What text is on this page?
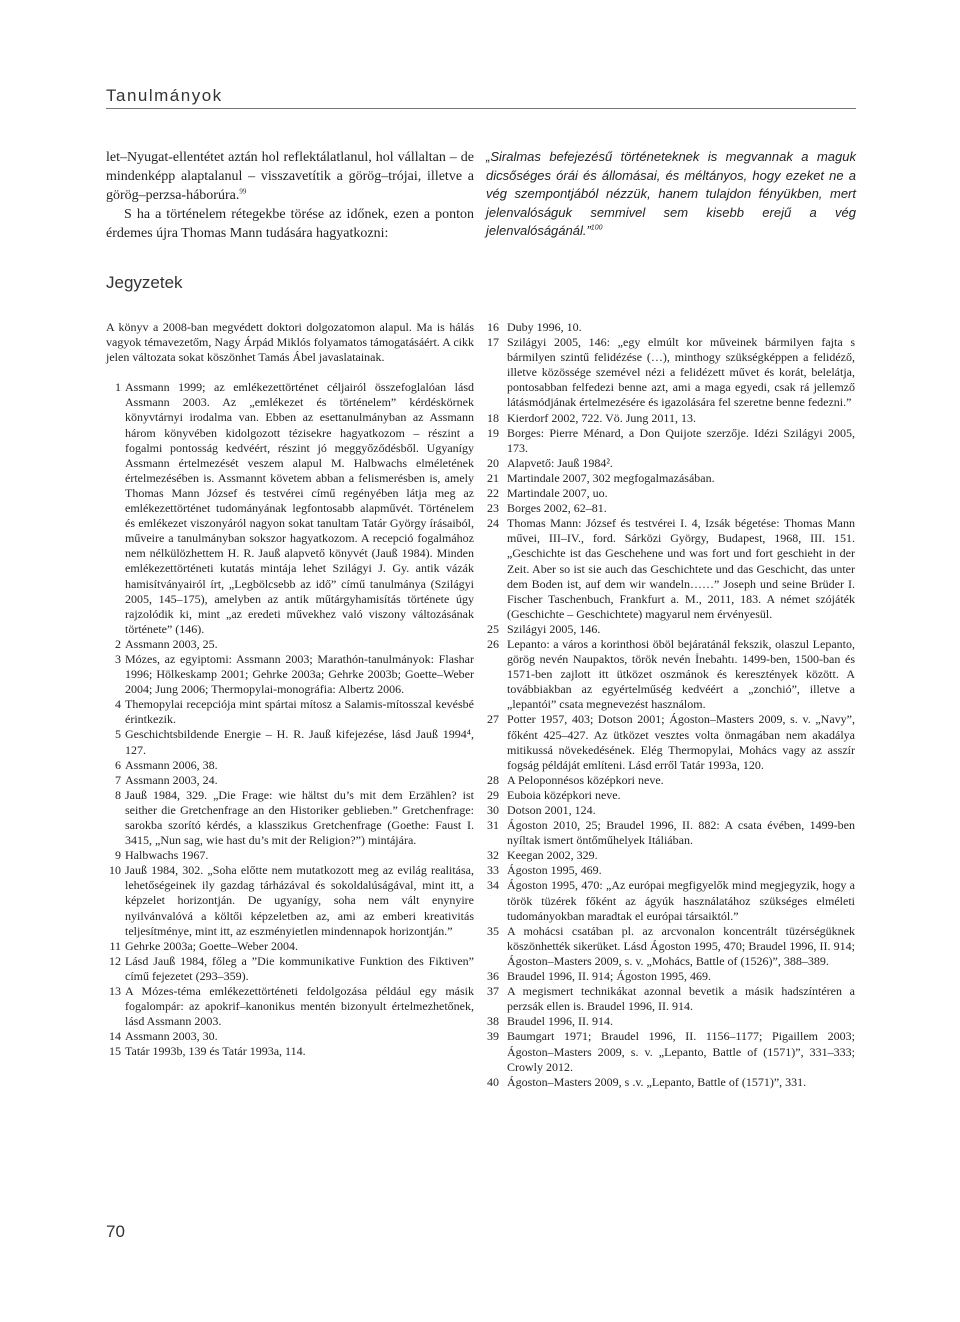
Tanulmányok

let–Nyugat-ellentétet aztán hol reflektálatlanul, hol vállaltan – de mindenképp alaptalanul – visszavetítik a görög–trójai, illetve a görög–perzsa-háborúra.$^{99}$

S ha a történelem rétegekbe törése az időnek, ezen a ponton érdemes újra Thomas Mann tudására hagyatkozni:

„Siralmas befejezésű történeteknek is megvannak a maguk dicsőséges órái és állomásai, és méltányos, hogy ezeket ne a vég szempontjából nézzük, hanem tulajdon fényükben, mert jelenvalóságuk semmivel sem kisebb erejű a vég jelenvalóságánál.”$^{100}$

Jegyzetek

A könyv a 2008-ban megvédett doktori dolgozatomon alapul. Ma is hálás vagyok témavezetőm, Nagy Árpád Miklós folyamatos támogatásáért. A cikk jelen változata sokat köszönhet Tamás Ábel javaslatainak.

1 Assmann 1999; az emlékezettörténet céljairól összefoglalóan lásd Assmann 2003. Az „emlékezet és történelem” kérdéskörnek könyvtárnyi irodalma van. Ebben az esettanulmányban az Assmann három könyvében kidolgozott tézisekre hagyatkozom – részint a fogalmi pontosság kedvéért, részint jó meggyőződésből. Ugyanígy Assmann értelmezését veszem alapul M. Halbwachs elméletének értelmezésében is. Assmannt követem abban a felismerésben is, amely Thomas Mann József és testvérei című regényében látja meg az emlékezettörténet tudományának legfontosabb alapművét. Történelem és emlékezet viszonyáról nagyon sokat tanultam Tatár György írásaiból, műveire a tanulmányban sokszor hagyatkozom. A recepció fogalmához nem nélkülözhettem H. R. Jauß alapvető könyvét (Jauß 1984). Minden emlékezettörténeti kutatás mintája lehet Szilágyi J. Gy. antik vázák hamisítványairól írt, „Legbölcsebb az idő” című tanulmánya (Szilágyi 2005, 145–175), amelyben az antik műtárgyhamisítás története úgy rajzolódik ki, mint „az eredeti művekhez való viszony változásának története” (146).

2 Assmann 2003, 25.

3 Mózes, az egyiptomi: Assmann 2003; Marathón-tanulmányok: Flashar 1996; Hölkeskamp 2001; Gehrke 2003a; Gehrke 2003b; Goette–Weber 2004; Jung 2006; Thermopylai-monográfia: Albertz 2006.

4 Themopylai recepciója mint spártai mítosz a Salamis-mítosszal kevésbé érintkezik.

5 Geschichtsbildende Energie – H. R. Jauß kifejezése, lásd Jauß 1994⁴, 127.

6 Assmann 2006, 38.

7 Assmann 2003, 24.

8 Jauß 1984, 329. „Die Frage: wie hältst du’s mit dem Erzählen? ist seither die Gretchenfrage an den Historiker geblieben.” Gretchenfrage: sarokba szorító kérdés, a klasszikus Gretchenfrage (Goethe: Faust I. 3415, „Nun sag, wie hast du’s mit der Religion?”) mintájára.

9 Halbwachs 1967.

10 Jauß 1984, 302. „Soha előtte nem mutatkozott meg az evilág realitása, lehetőségeinek ily gazdag tárházával és sokoldalúságával, mint itt, a képzelet horizontján. De ugyanígy, soha nem vált enynyire nyilvánvalóvá a költői képzeletben az, ami az emberi kreativitás teljesítménye, mint itt, az eszményietlen mindennapok horizontján.”

11 Gehrke 2003a; Goette–Weber 2004.

12 Lásd Jauß 1984, főleg a ”Die kommunikative Funktion des Fiktiven” című fejezetet (293–359).

13 A Mózes-téma emlékezettörténeti feldolgozása például egy másik fogalompár: az apokrif–kanonikus mentén bizonyult értelmezhetőnek, lásd Assmann 2003.

14 Assmann 2003, 30.

15 Tatár 1993b, 139 és Tatár 1993a, 114.

16 Duby 1996, 10.

17 Szilágyi 2005, 146: „egy elmúlt kor műveinek bármilyen fajta s bármilyen szintű felidézése (…), minthogy szükségképpen a felidéző, illetve közössége szemével nézi a felidézett művet és korát, belelátja, pontosabban felfedezi benne azt, ami a maga egyedi, csak rá jellemző látásmódjának értelmezésére és igazolására fel szeretne benne fedezni.”

18 Kierdorf 2002, 722. Vö. Jung 2011, 13.

19 Borges: Pierre Ménard, a Don Quijote szerzője. Idézi Szilágyi 2005, 173.

20 Alapvető: Jauß 1984².

21 Martindale 2007, 302 megfogalmazásában.

22 Martindale 2007, uo.

23 Borges 2002, 62–81.

24 Thomas Mann: József és testvérei I. 4, Izsák bégetése: Thomas Mann művei, III–IV., ford. Sárközi György, Budapest, 1968, III. 151. „Geschichte ist das Geschehene und was fort und fort geschieht in der Zeit. Aber so ist sie auch das Geschichtete und das Geschicht, das unter dem Boden ist, auf dem wir wandeln……” Joseph und seine Brüder I. Fischer Taschenbuch, Frankfurt a. M., 2011, 183. A német szójáték (Geschichte – Geschichtete) magyarul nem érvényesül.

25 Szilágyi 2005, 146.

26 Lepanto: a város a korinthosi öböl bejáratánál fekszik, olaszul Lepanto, görög nevén Naupaktos, török nevén İnebahtı. 1499-ben, 1500-ban és 1571-ben zajlott itt ütközet oszmánok és keresztények között. A továbbiakban az egyértelműség kedvéért a „zonchió”, illetve a „lepantói” csata megnevezést használom.

27 Potter 1957, 403; Dotson 2001; Ágoston–Masters 2009, s. v. „Navy”, főként 425–427. Az ütközet vesztes volta önmagában nem akadálya mitikussá növekedésének. Elég Thermopylai, Mohács vagy az asszír fogság példáját említeni. Lásd erről Tatár 1993a, 120.

28 A Peloponnésos középkori neve.

29 Euboia középkori neve.

30 Dotson 2001, 124.

31 Ágoston 2010, 25; Braudel 1996, II. 882: A csata évében, 1499-ben nyíltak ismert öntőműhelyek Itáliában.

32 Keegan 2002, 329.

33 Ágoston 1995, 469.

34 Ágoston 1995, 470: „Az európai megfigyelők mind megjegyzik, hogy a török tüzérek főként az ágyúk használatához szükséges elméleti tudományokban maradtak el európai társaiktól.”

35 A mohácsi csatában pl. az arcvonalon koncentrált tüzérségüknek köszönhették sikerüket. Lásd Ágoston 1995, 470; Braudel 1996, II. 914; Ágoston–Masters 2009, s. v. „Mohács, Battle of (1526)”, 388–389.

36 Braudel 1996, II. 914; Ágoston 1995, 469.

37 A megismert technikákat azonnal bevetik a másik hadszíntéren a perzsák ellen is. Braudel 1996, II. 914.

38 Braudel 1996, II. 914.

39 Baumgart 1971; Braudel 1996, II. 1156–1177; Pigaillem 2003; Ágoston–Masters 2009, s. v. „Lepanto, Battle of (1571)”, 331–333; Crowly 2012.

40 Ágoston–Masters 2009, s .v. „Lepanto, Battle of (1571)”, 331.

70
